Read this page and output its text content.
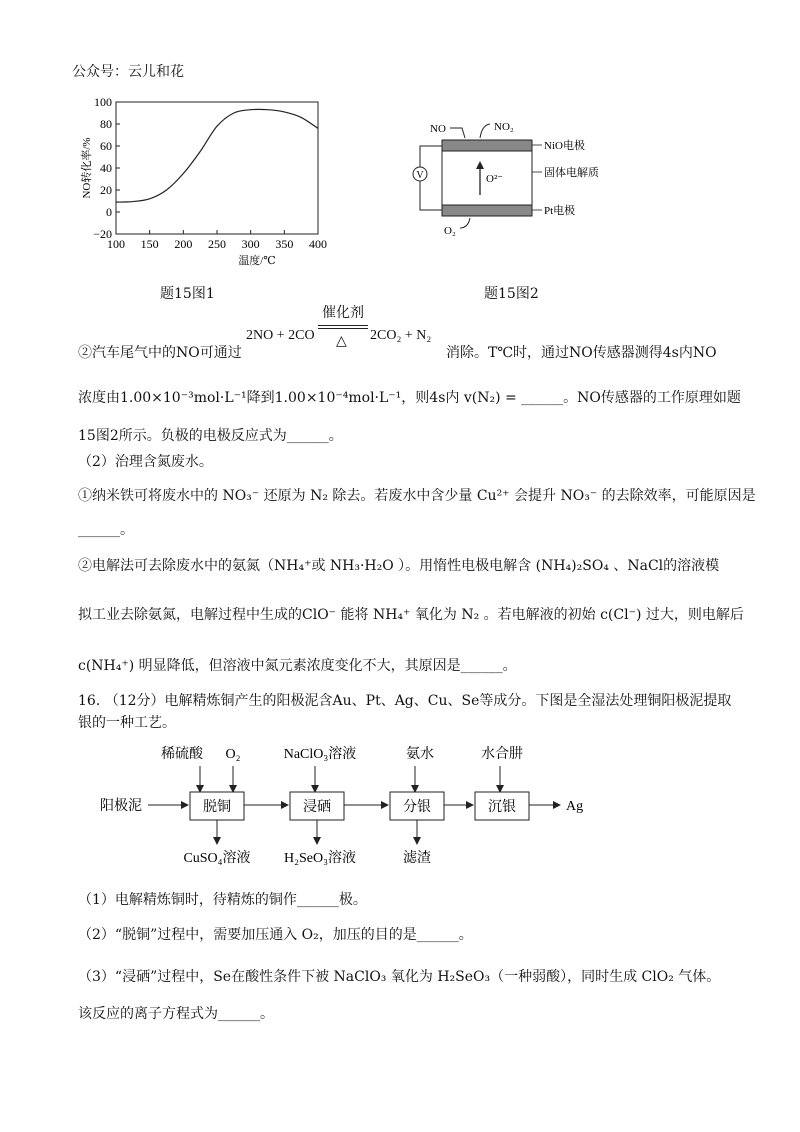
公众号：云儿和花
100
80
60
40
20
0
−20
100 150 200 250 300 350 400
NO转化率/%
温度/℃
题15图1
V	O²⁻
NO	NO₂
NiO电极
固体电解质
Pt电极
O₂
题15图2
2NO + 2CO
催化剂
△ 2CO₂ + N₂
②汽车尾气中的NO可通过	消除。T℃时，通过NO传感器测得4s内NO
浓度由1.00×10⁻³mol·L⁻¹降到1.00×10⁻⁴mol·L⁻¹，则4s内 v(N₂) = ______。NO传感器的工作原理如题
15图2所示。负极的电极反应式为______。
（2）治理含氮废水。
①纳米铁可将废水中的 NO₃⁻ 还原为 N₂ 除去。若废水中含少量 Cu²⁺ 会提升 NO₃⁻ 的去除效率，可能原因是
______。
②电解法可去除废水中的氨氮（NH₄⁺或 NH₃·H₂O ）。用惰性电极电解含 (NH₄)₂SO₄ 、NaCl的溶液模
拟工业去除氨氮，电解过程中生成的ClO⁻ 能将 NH₄⁺ 氧化为 N₂ 。若电解液的初始 c(Cl⁻) 过大，则电解后
c(NH₄⁺) 明显降低，但溶液中氮元素浓度变化不大，其原因是______。
16. （12分）电解精炼铜产生的阳极泥含Au、Pt、Ag、Cu、Se等成分。下图是全湿法处理铜阳极泥提取
银的一种工艺。
稀硫酸 O₂	NaClO₃溶液	氨水	水合肼
阳极泥	脱铜	浸硒	分银	沉银	Ag
CuSO₄溶液 H₂SeO₃溶液	滤渣
（1）电解精炼铜时，待精炼的铜作______极。
（2）“脱铜”过程中，需要加压通入 O₂，加压的目的是______。
（3）“浸硒”过程中，Se在酸性条件下被 NaClO₃ 氧化为 H₂SeO₃（一种弱酸），同时生成 ClO₂ 气体。
该反应的离子方程式为______。
